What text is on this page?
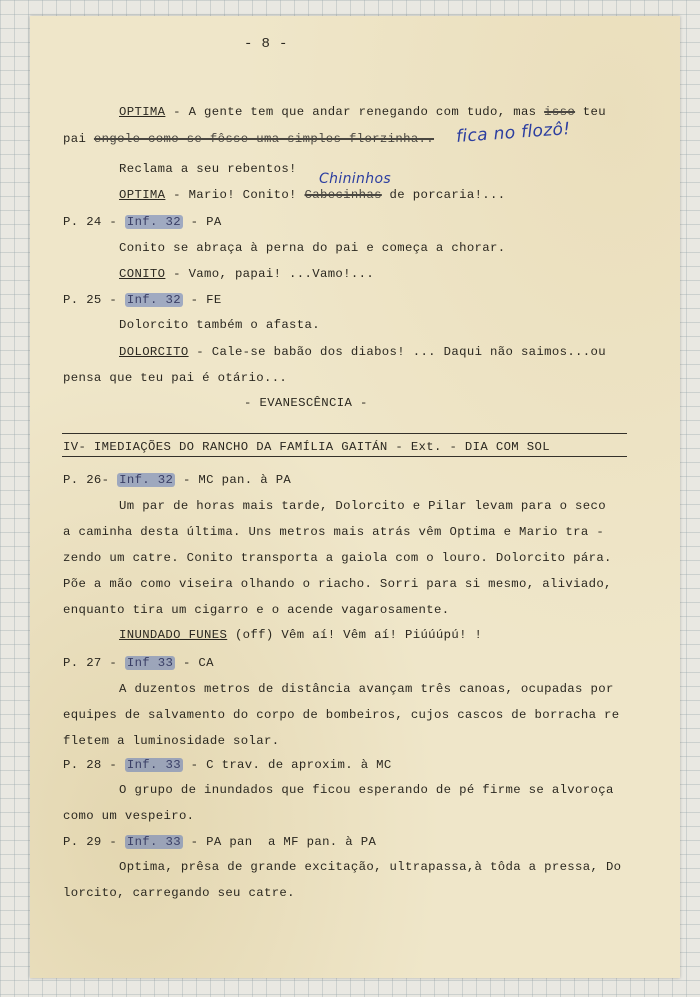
- 8 -
OPTIMA - A gente tem que andar renegando com tudo, mas isso teu
pai engole como se fôsse uma simples florzinha.. fica no flozô!
Reclama a seu rebentos!
Chininhos
OPTIMA - Mario! Conito! Cabecinhas de porcaria!...
P. 24 - Inf. 32 - PA
Conito se abraça à perna do pai e começa a chorar.
CONITO - Vamo, papai! ...Vamo!...
P. 25 - Inf. 32 - FE
Dolorcito também o afasta.
DOLORCITO - Cale-se babão dos diabos! ... Daqui não saimos...ou
pensa que teu pai é otário...
- EVANESCÊNCIA -
IV- IMEDIAÇÕES DO RANCHO DA FAMÍLIA GAITÁN - Ext. - DIA COM SOL
P. 26- Inf. 32 - MC pan. à PA
Um par de horas mais tarde, Dolorcito e Pilar levam para o seco
a caminha desta última. Uns metros mais atrás vêm Optima e Mario tra -
zendo um catre. Conito transporta a gaiola com o louro. Dolorcito pára.
Põe a mão como viseira olhando o riacho. Sorri para si mesmo, aliviado,
enquanto tira um cigarro e o acende vagarosamente.
INUNDADO FUNES (off) Vêm aí! Vêm aí! Piúúúpú! !
P. 27 - Inf 33 - CA
A duzentos metros de distância avançam três canoas, ocupadas por
equipes de salvamento do corpo de bombeiros, cujos cascos de borracha re
fletem a luminosidade solar.
P. 28 - Inf. 33 - C trav. de aproxim. à MC
O grupo de inundados que ficou esperando de pé firme se alvoroça
como um vespeiro.
P. 29 - Inf. 33 - PA pan  a MF pan. à PA
Optima, prêsa de grande excitação, ultrapassa,à tôda a pressa, Do
lorcito, carregando seu catre.
